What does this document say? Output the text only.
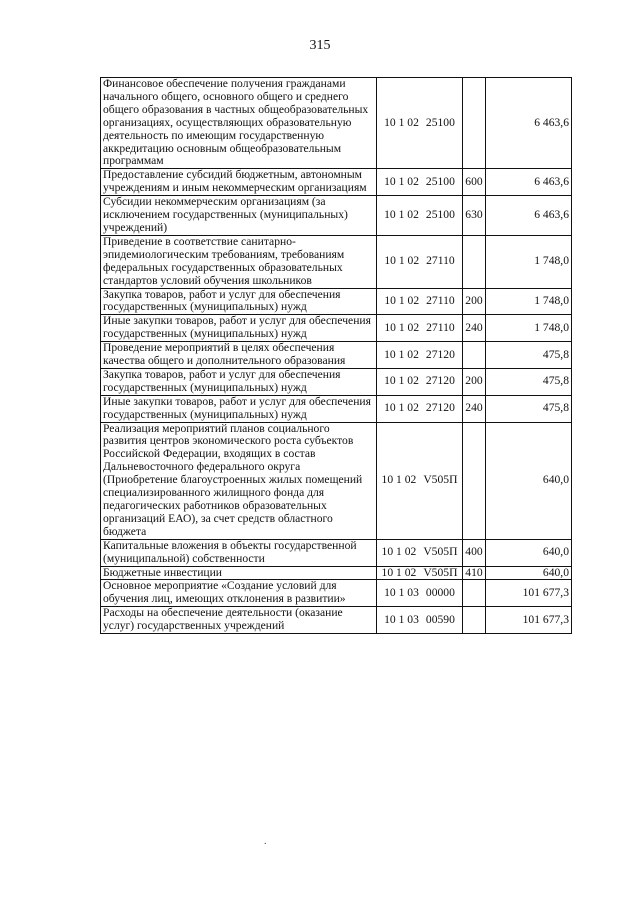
315
Финансовое обеспечение получения гражданами начального общего, основного общего и среднего общего образования в частных общеобразовательных организациях, осуществляющих образовательную деятельность по имеющим государственную аккредитацию основным общеобразовательным программам	10 1 02 25100		6 463,6
Предоставление субсидий бюджетным, автономным учреждениям и иным некоммерческим организациям	10 1 02 25100	600	6 463,6
Субсидии некоммерческим организациям (за исключением государственных (муниципальных) учреждений)	10 1 02 25100	630	6 463,6
Приведение в соответствие санитарно-эпидемиологическим требованиям, требованиям федеральных государственных образовательных стандартов условий обучения школьников	10 1 02 27110		1 748,0
Закупка товаров, работ и услуг для обеспечения государственных (муниципальных) нужд	10 1 02 27110	200	1 748,0
Иные закупки товаров, работ и услуг для обеспечения государственных (муниципальных) нужд	10 1 02 27110	240	1 748,0
Проведение мероприятий в целях обеспечения качества общего и дополнительного образования	10 1 02 27120		475,8
Закупка товаров, работ и услуг для обеспечения государственных (муниципальных) нужд	10 1 02 27120	200	475,8
Иные закупки товаров, работ и услуг для обеспечения государственных (муниципальных) нужд	10 1 02 27120	240	475,8
Реализация мероприятий планов социального развития центров экономического роста субъектов Российской Федерации, входящих в состав Дальневосточного федерального округа (Приобретение благоустроенных жилых помещений специализированного жилищного фонда для педагогических работников образовательных организаций ЕАО), за счет средств областного бюджета	10 1 02 V505П		640,0
Капитальные вложения в объекты государственной (муниципальной) собственности	10 1 02 V505П	400	640,0
Бюджетные инвестиции	10 1 02 V505П	410	640,0
Основное мероприятие «Создание условий для обучения лиц, имеющих отклонения в развитии»	10 1 03 00000		101 677,3
Расходы на обеспечение деятельности (оказание услуг) государственных учреждений	10 1 03 00590		101 677,3
.
